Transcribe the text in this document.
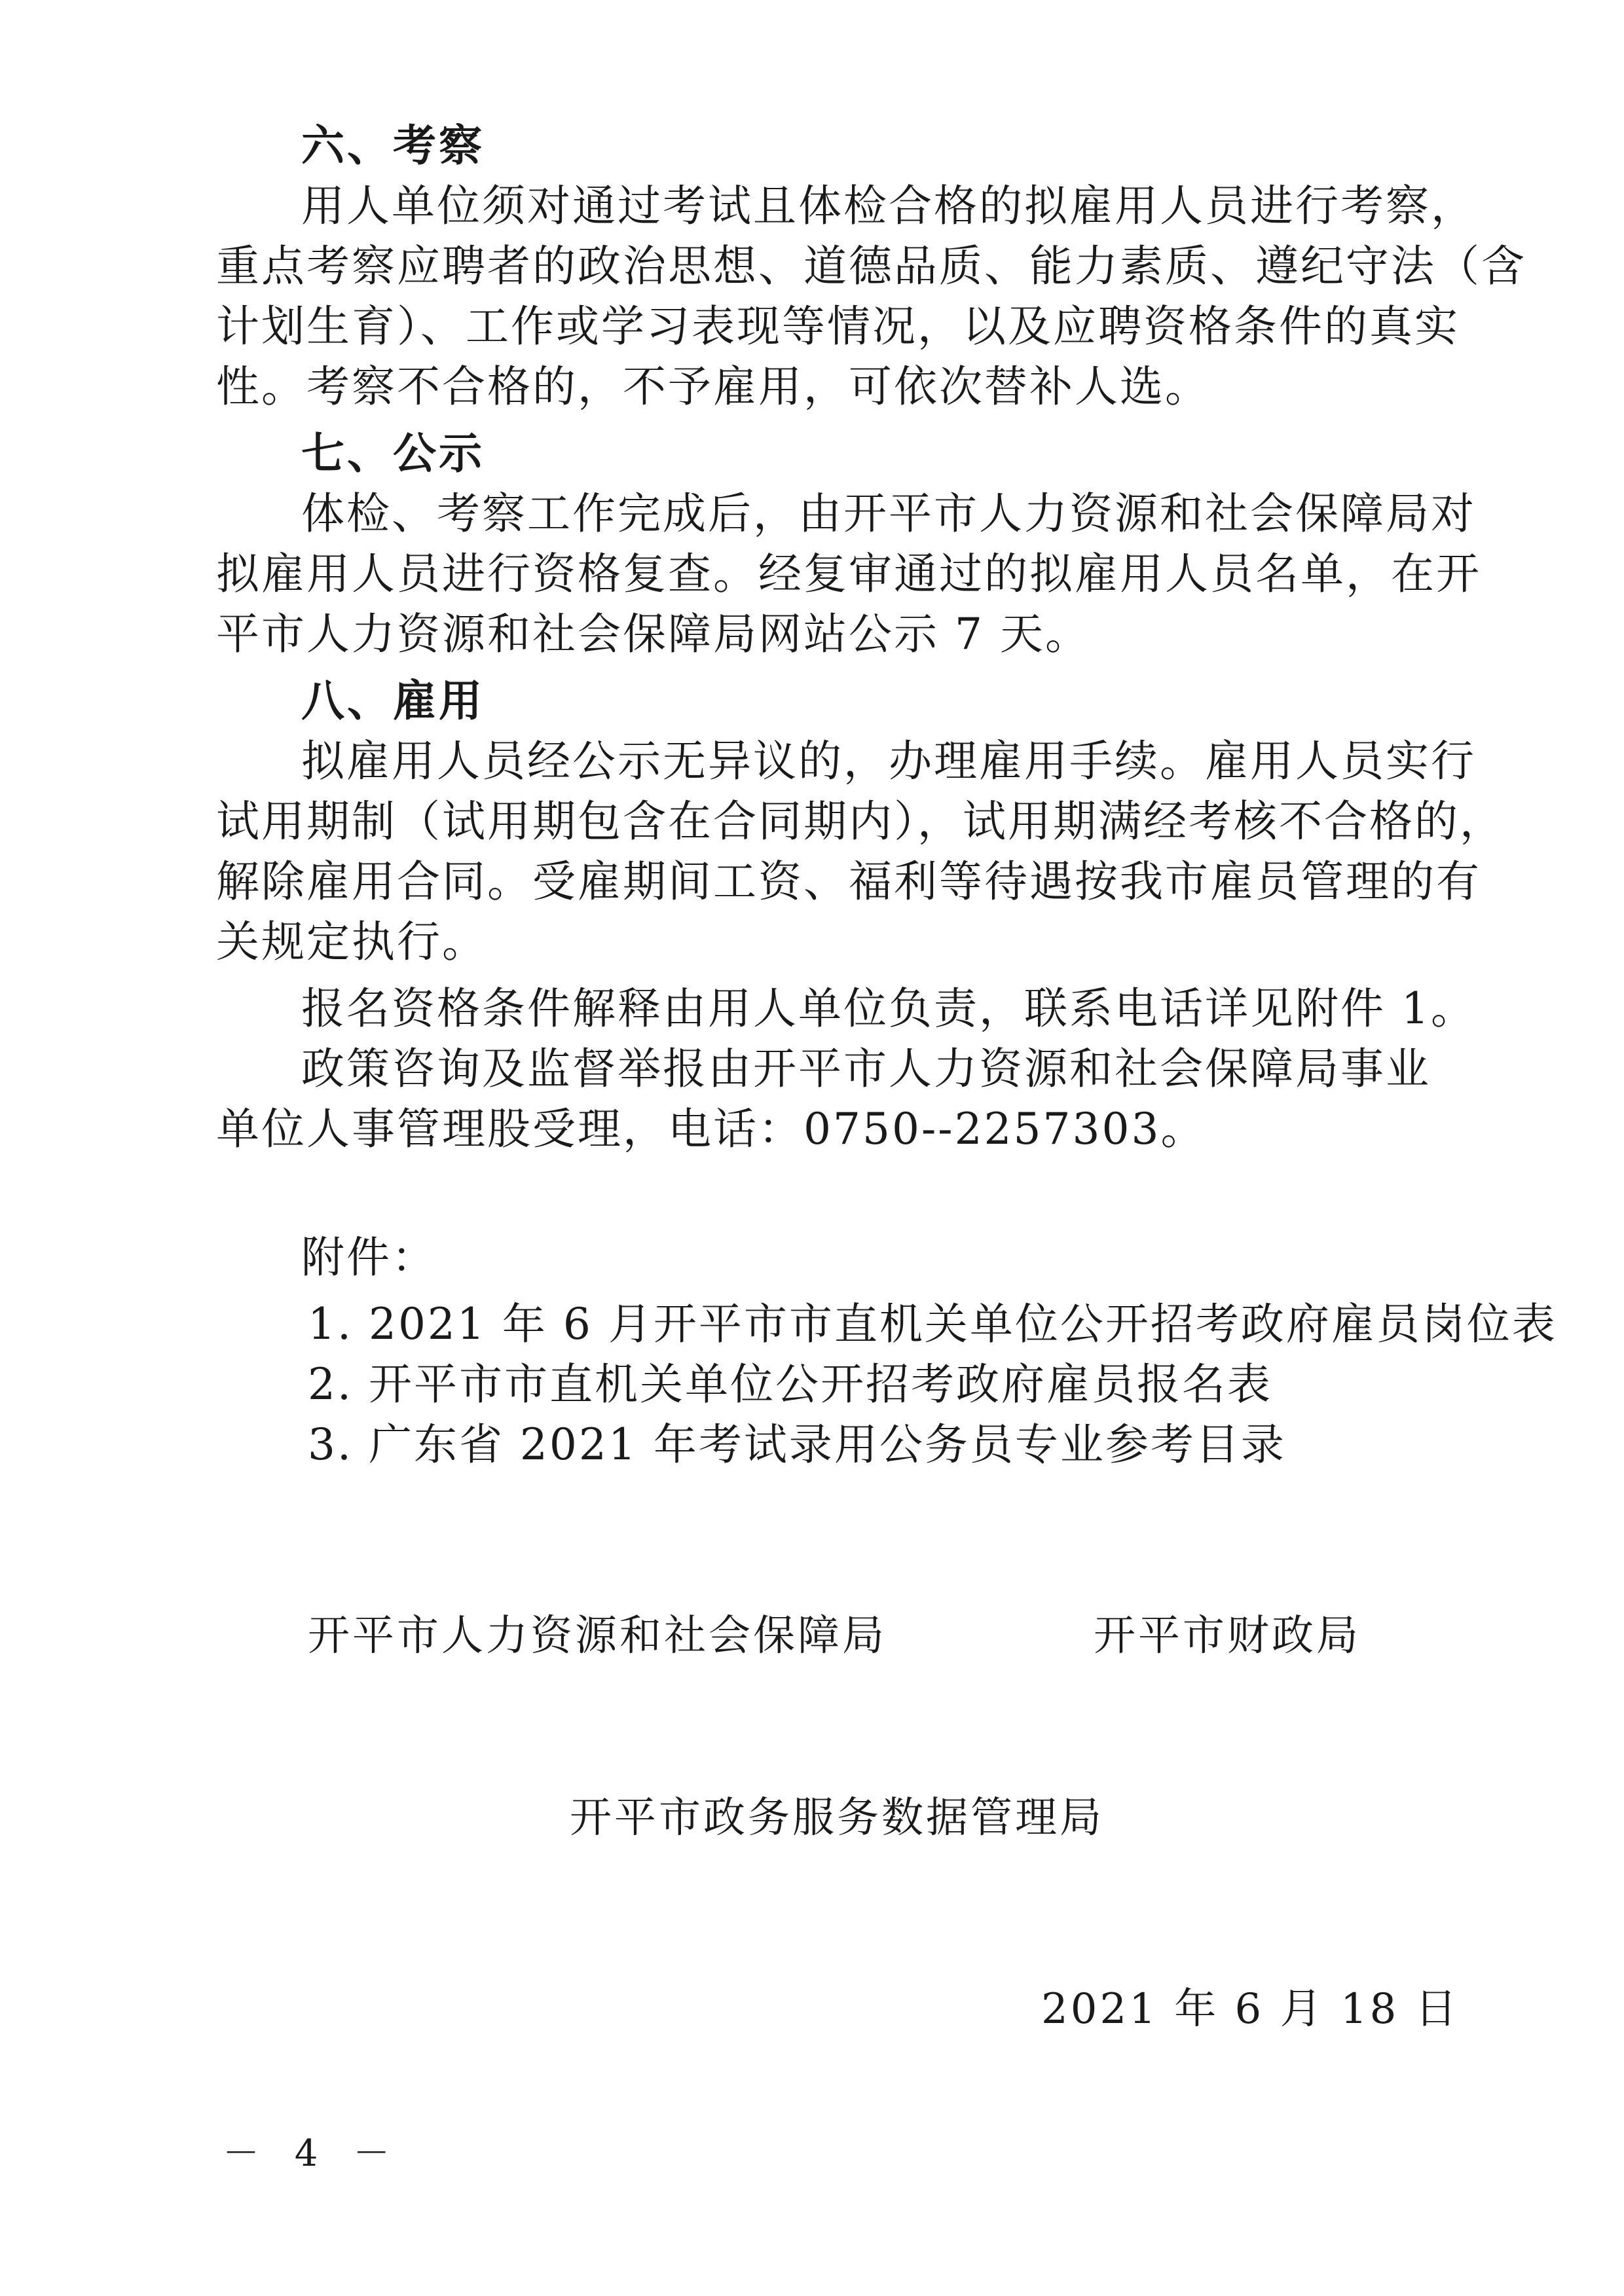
六、考察
用人单位须对通过考试且体检合格的拟雇用人员进行考察，
重点考察应聘者的政治思想、道德品质、能力素质、遵纪守法（含
计划生育）、工作或学习表现等情况，以及应聘资格条件的真实
性。考察不合格的，不予雇用，可依次替补人选。
七、公示
体检、考察工作完成后，由开平市人力资源和社会保障局对
拟雇用人员进行资格复查。经复审通过的拟雇用人员名单，在开
平市人力资源和社会保障局网站公示 7 天。
八、雇用
拟雇用人员经公示无异议的，办理雇用手续。雇用人员实行
试用期制（试用期包含在合同期内），试用期满经考核不合格的，
解除雇用合同。受雇期间工资、福利等待遇按我市雇员管理的有
关规定执行。
报名资格条件解释由用人单位负责，联系电话详见附件 1。
政策咨询及监督举报由开平市人力资源和社会保障局事业
单位人事管理股受理，电话：0750--2257303。
附件：
1. 2021 年 6 月开平市市直机关单位公开招考政府雇员岗位表
2. 开平市市直机关单位公开招考政府雇员报名表
3. 广东省 2021 年考试录用公务员专业参考目录
开平市人力资源和社会保障局	开平市财政局
开平市政务服务数据管理局
2021 年 6 月 18 日
－ 4 －
